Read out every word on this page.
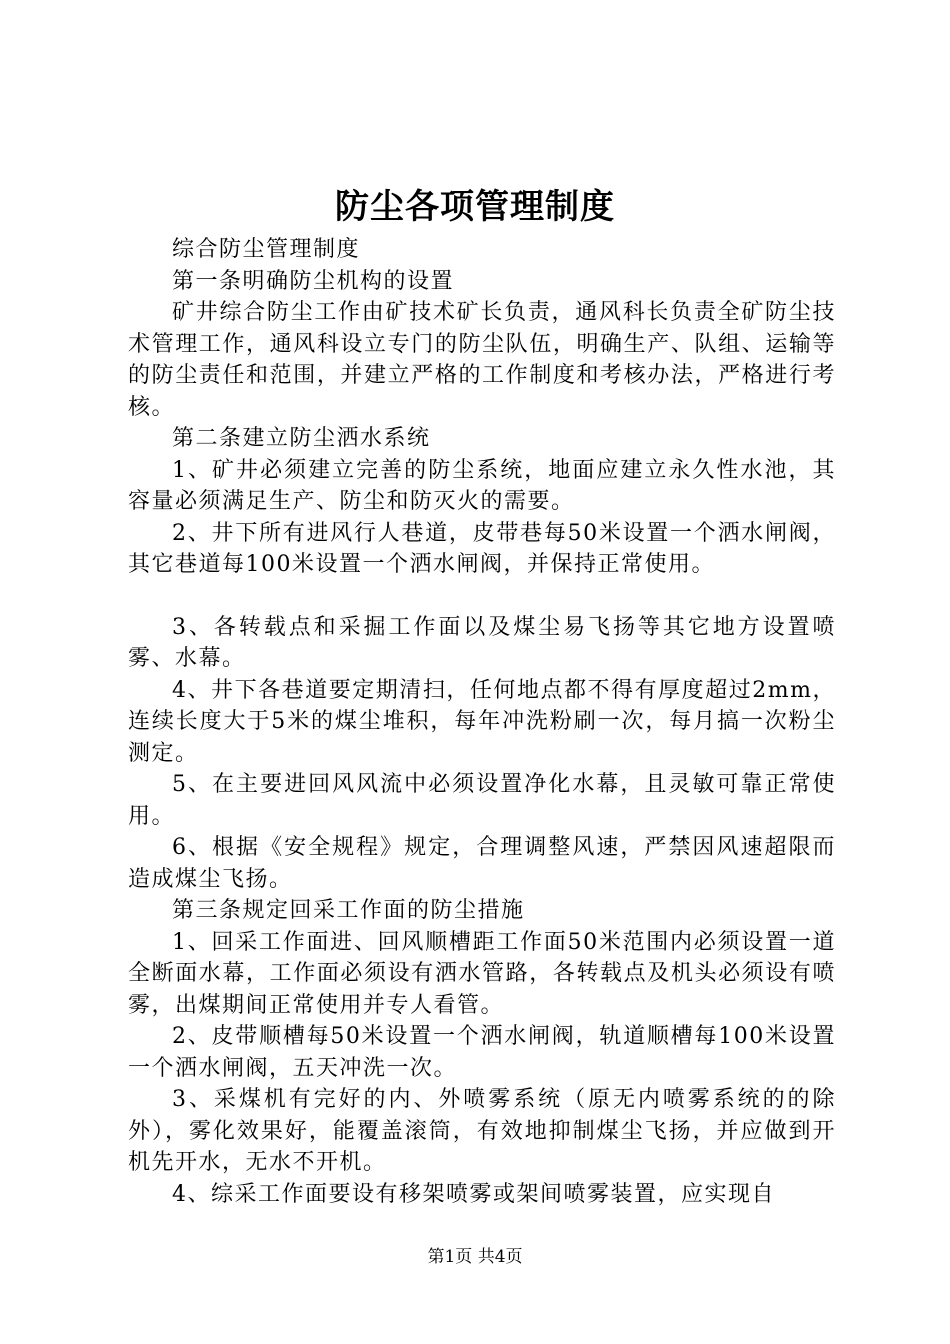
防尘各项管理制度

综合防尘管理制度

第一条明确防尘机构的设置

矿井综合防尘工作由矿技术矿长负责，通风科长负责全矿防尘技术管理工作，通风科设立专门的防尘队伍，明确生产、队组、运输等的防尘责任和范围，并建立严格的工作制度和考核办法，严格进行考核。

第二条建立防尘洒水系统

1、矿井必须建立完善的防尘系统，地面应建立永久性水池，其容量必须满足生产、防尘和防灭火的需要。

2、井下所有进风行人巷道，皮带巷每50米设置一个洒水闸阀，其它巷道每100米设置一个洒水闸阀，并保持正常使用。

3、各转载点和采掘工作面以及煤尘易飞扬等其它地方设置喷雾、水幕。

4、井下各巷道要定期清扫，任何地点都不得有厚度超过2mm，连续长度大于5米的煤尘堆积，每年冲洗粉刷一次，每月搞一次粉尘测定。

5、在主要进回风风流中必须设置净化水幕，且灵敏可靠正常使用。

6、根据《安全规程》规定，合理调整风速，严禁因风速超限而造成煤尘飞扬。

第三条规定回采工作面的防尘措施

1、回采工作面进、回风顺槽距工作面50米范围内必须设置一道全断面水幕，工作面必须设有洒水管路，各转载点及机头必须设有喷雾，出煤期间正常使用并专人看管。

2、皮带顺槽每50米设置一个洒水闸阀，轨道顺槽每100米设置一个洒水闸阀，五天冲洗一次。

3、采煤机有完好的内、外喷雾系统（原无内喷雾系统的的除外），雾化效果好，能覆盖滚筒，有效地抑制煤尘飞扬，并应做到开机先开水，无水不开机。

4、综采工作面要设有移架喷雾或架间喷雾装置，应实现自

第1页 共4页
